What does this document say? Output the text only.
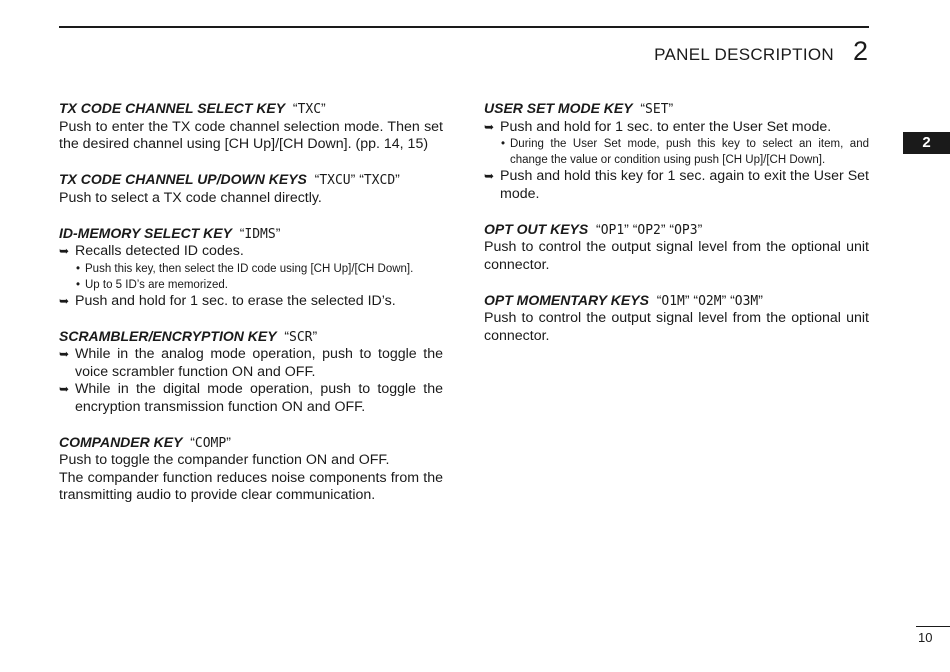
PANEL DESCRIPTION 2
2
TX CODE CHANNEL SELECT KEY “TXC”

Push to enter the TX code channel selection mode. Then set the desired channel using [CH Up]/[CH Down]. (pp. 14, 15)

TX CODE CHANNEL UP/DOWN KEYS “TXCU” “TXCD”

Push to select a TX code channel directly.

ID-MEMORY SELECT KEY “IDMS”
➥ Recalls detected ID codes.
• Push this key, then select the ID code using [CH Up]/[CH Down].
• Up to 5 ID’s are memorized.
➥ Push and hold for 1 sec. to erase the selected ID’s.
SCRAMBLER/ENCRYPTION KEY “SCR”
➥ While in the analog mode operation, push to toggle the voice scrambler function ON and OFF.
➥ While in the digital mode operation, push to toggle the encryption transmission function ON and OFF.
COMPANDER KEY “COMP”

Push to toggle the compander function ON and OFF.

The compander function reduces noise components from the transmitting audio to provide clear communication.

USER SET MODE KEY “SET”
➥ Push and hold for 1 sec. to enter the User Set mode.
• During the User Set mode, push this key to select an item, and change the value or condition using push [CH Up]/[CH Down].
➥ Push and hold this key for 1 sec. again to exit the User Set mode.
OPT OUT KEYS “OP1” “OP2” “OP3”

Push to control the output signal level from the optional unit connector.

OPT MOMENTARY KEYS “O1M” “O2M” “O3M”

Push to control the output signal level from the optional unit connector.

10
